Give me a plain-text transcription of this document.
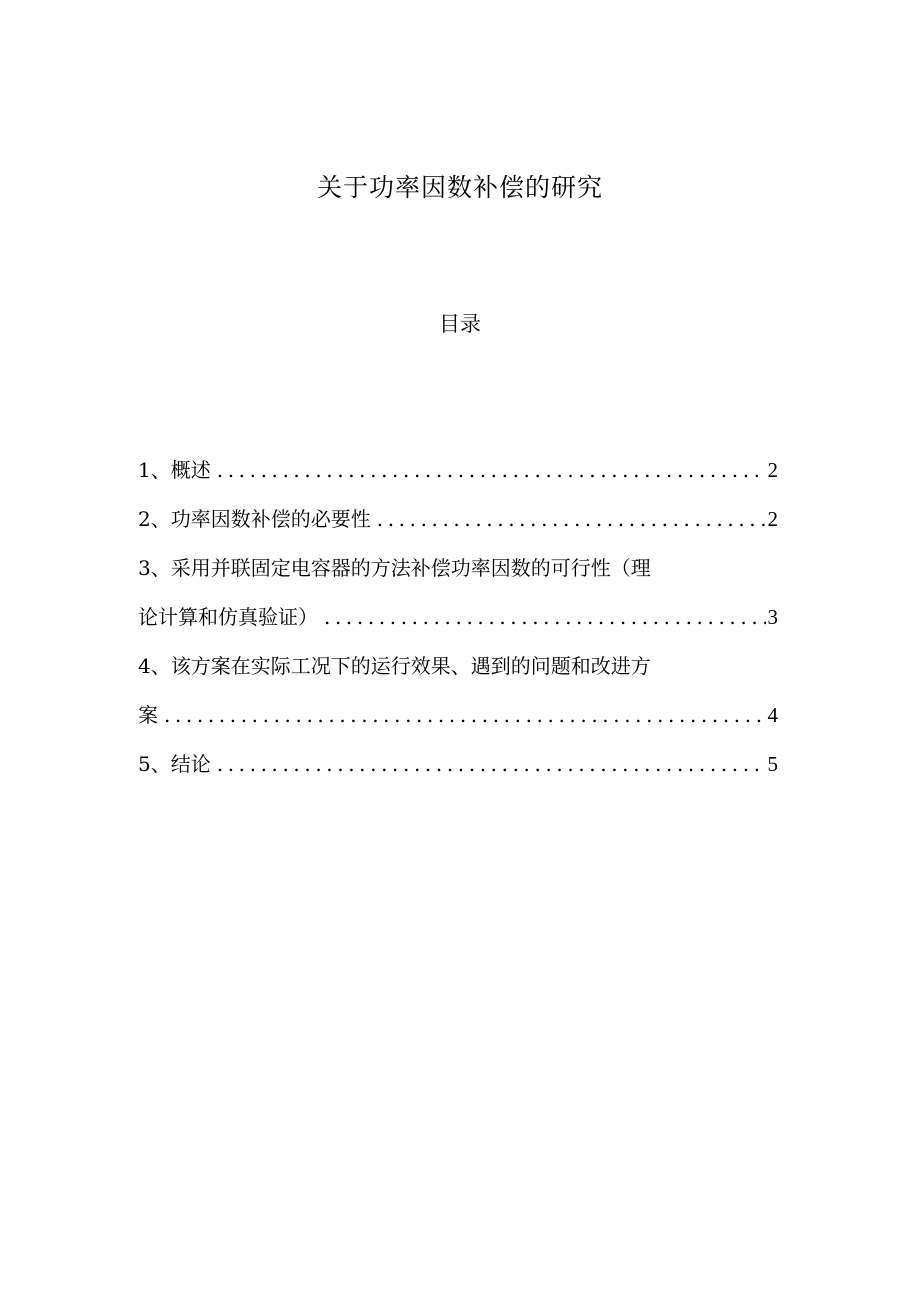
关于功率因数补偿的研究
目录
1、概述 .....	2
2、功率因数补偿的必要性 .....	2
3、采用并联固定电容器的方法补偿功率因数的可行性（理
论计算和仿真验证） .....	3
4、该方案在实际工况下的运行效果、遇到的问题和改进方
案 .....	4
5、结论 .....	5
